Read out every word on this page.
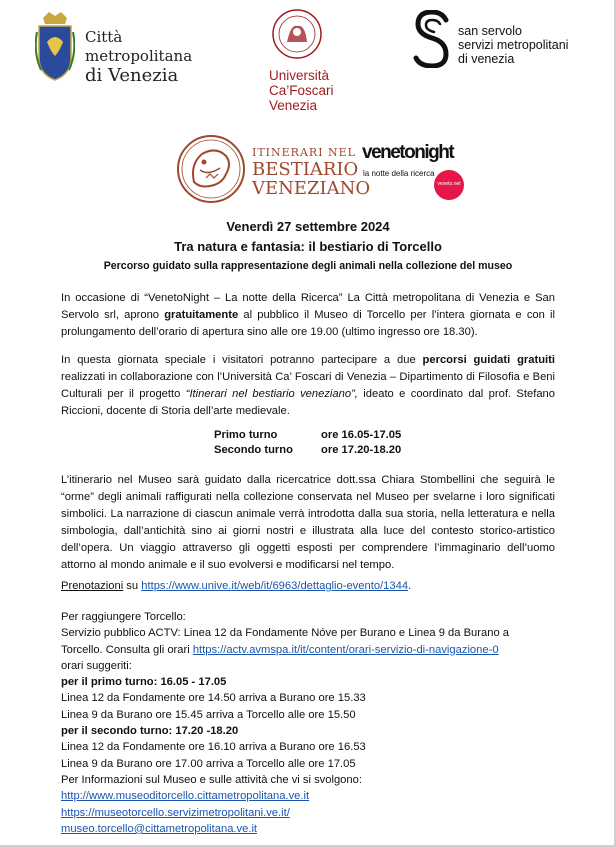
Città metropolitana
di Venezia	Università
Ca’Foscari
Venezia
san servolo
servizi metropolitani
di venezia
ITINERARI NEL
BESTIARIO
VENEZIANO
venetonight
la notte della ricerca
veneto.net
Venerdì 27 settembre 2024
Tra natura e fantasia: il bestiario di Torcello
Percorso guidato sulla rappresentazione degli animali nella collezione del museo
In occasione di “VenetoNight – La notte della Ricerca” La Città metropolitana di Venezia e San Servolo srl, aprono gratuitamente al pubblico il Museo di Torcello per l’intera giornata e con il prolungamento dell’orario di apertura sino alle ore 19.00 (ultimo ingresso ore 18.30).
In questa giornata speciale i visitatori potranno partecipare a due percorsi guidati gratuiti realizzati in collaborazione con l’Università Ca’ Foscari di Venezia – Dipartimento di Filosofia e Beni Culturali per il progetto “Itinerari nel bestiario veneziano”, ideato e coordinato dal prof. Stefano Riccioni, docente di Storia dell’arte medievale.
Primo turno	ore 16.05-17.05
Secondo turno	ore 17.20-18.20
L’itinerario nel Museo sarà guidato dalla ricercatrice dott.ssa Chiara Stombellini che seguirà le “orme” degli animali raffigurati nella collezione conservata nel Museo per svelarne i loro significati simbolici. La narrazione di ciascun animale verrà introdotta dalla sua storia, nella letteratura e nella simbologia, dall’antichità sino ai giorni nostri e illustrata alla luce del contesto storico-artistico dell’opera. Un viaggio attraverso gli oggetti esposti per comprendere l’immaginario dell’uomo attorno al mondo animale e il suo evolversi e modificarsi nel tempo.
Prenotazioni su https://www.unive.it/web/it/6963/dettaglio-evento/1344.
Per raggiungere Torcello:
Servizio pubblico ACTV: Linea 12 da Fondamente Nóve per Burano e Linea 9 da Burano a
Torcello. Consulta gli orari https://actv.avmspa.it/it/content/orari-servizio-di-navigazione-0
orari suggeriti:
per il primo turno: 16.05 - 17.05
Linea 12 da Fondamente ore 14.50 arriva a Burano ore 15.33
Linea 9 da Burano ore 15.45 arriva a Torcello alle ore 15.50
per il secondo turno: 17.20 -18.20
Linea 12 da Fondamente ore 16.10 arriva a Burano ore 16.53
Linea 9 da Burano ore 17.00 arriva a Torcello alle ore 17.05
Per Informazioni sul Museo e sulle attività che vi si svolgono:
http://www.museoditorcello.cittametropolitana.ve.it
https://museotorcello.servizimetropolitani.ve.it/
museo.torcello@cittametropolitana.ve.it
